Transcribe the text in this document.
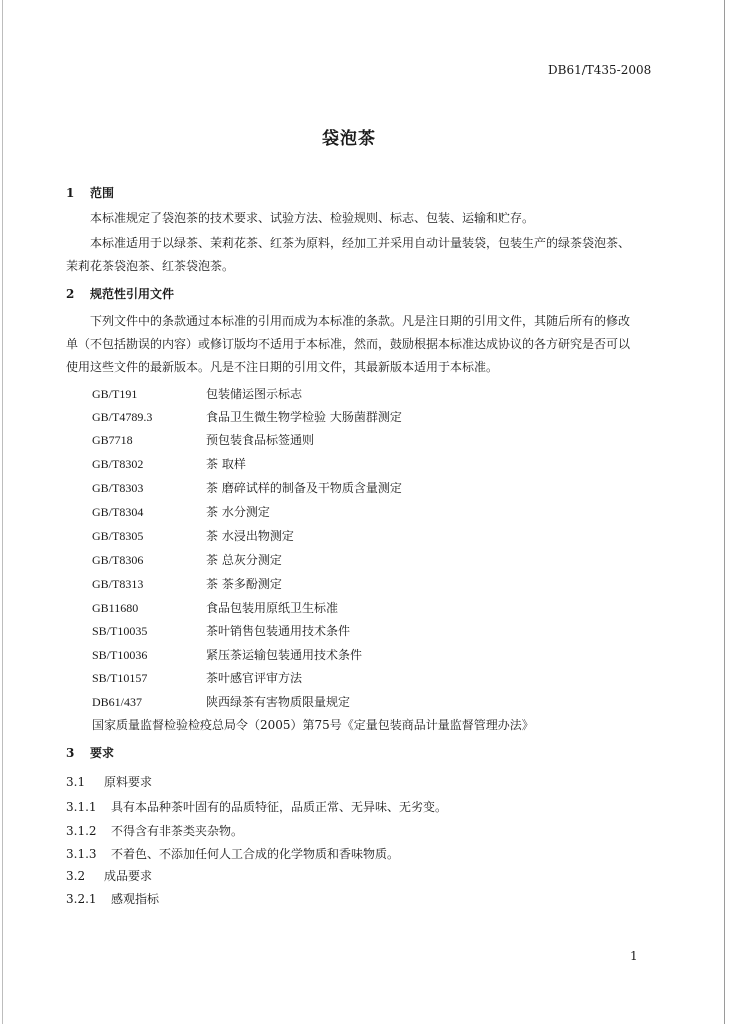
DB61/T435-2008
袋泡茶
1 范围
本标准规定了袋泡茶的技术要求、试验方法、检验规则、标志、包装、运输和贮存。
本标准适用于以绿茶、茉莉花茶、红茶为原料，经加工并采用自动计量装袋，包装生产的绿茶袋泡茶、茉莉花茶袋泡茶、红茶袋泡茶。
2 规范性引用文件
下列文件中的条款通过本标准的引用而成为本标准的条款。凡是注日期的引用文件，其随后所有的修改单（不包括勘误的内容）或修订版均不适用于本标准，然而，鼓励根据本标准达成协议的各方研究是否可以使用这些文件的最新版本。凡是不注日期的引用文件，其最新版本适用于本标准。
GB/T191	包装储运图示标志
GB/T4789.3	食品卫生微生物学检验 大肠菌群测定
GB7718	预包装食品标签通则
GB/T8302	茶 取样
GB/T8303	茶 磨碎试样的制备及干物质含量测定
GB/T8304	茶 水分测定
GB/T8305	茶 水浸出物测定
GB/T8306	茶 总灰分测定
GB/T8313	茶 茶多酚测定
GB11680	食品包装用原纸卫生标准
SB/T10035	茶叶销售包装通用技术条件
SB/T10036	紧压茶运输包装通用技术条件
SB/T10157	茶叶感官评审方法
DB61/437	陕西绿茶有害物质限量规定
国家质量监督检验检疫总局令（2005）第75号《定量包装商品计量监督管理办法》
3 要求
3.1 原料要求
3.1.1 具有本品种茶叶固有的品质特征，品质正常、无异味、无劣变。
3.1.2 不得含有非茶类夹杂物。
3.1.3 不着色、不添加任何人工合成的化学物质和香味物质。
3.2 成品要求
3.2.1 感观指标
1
